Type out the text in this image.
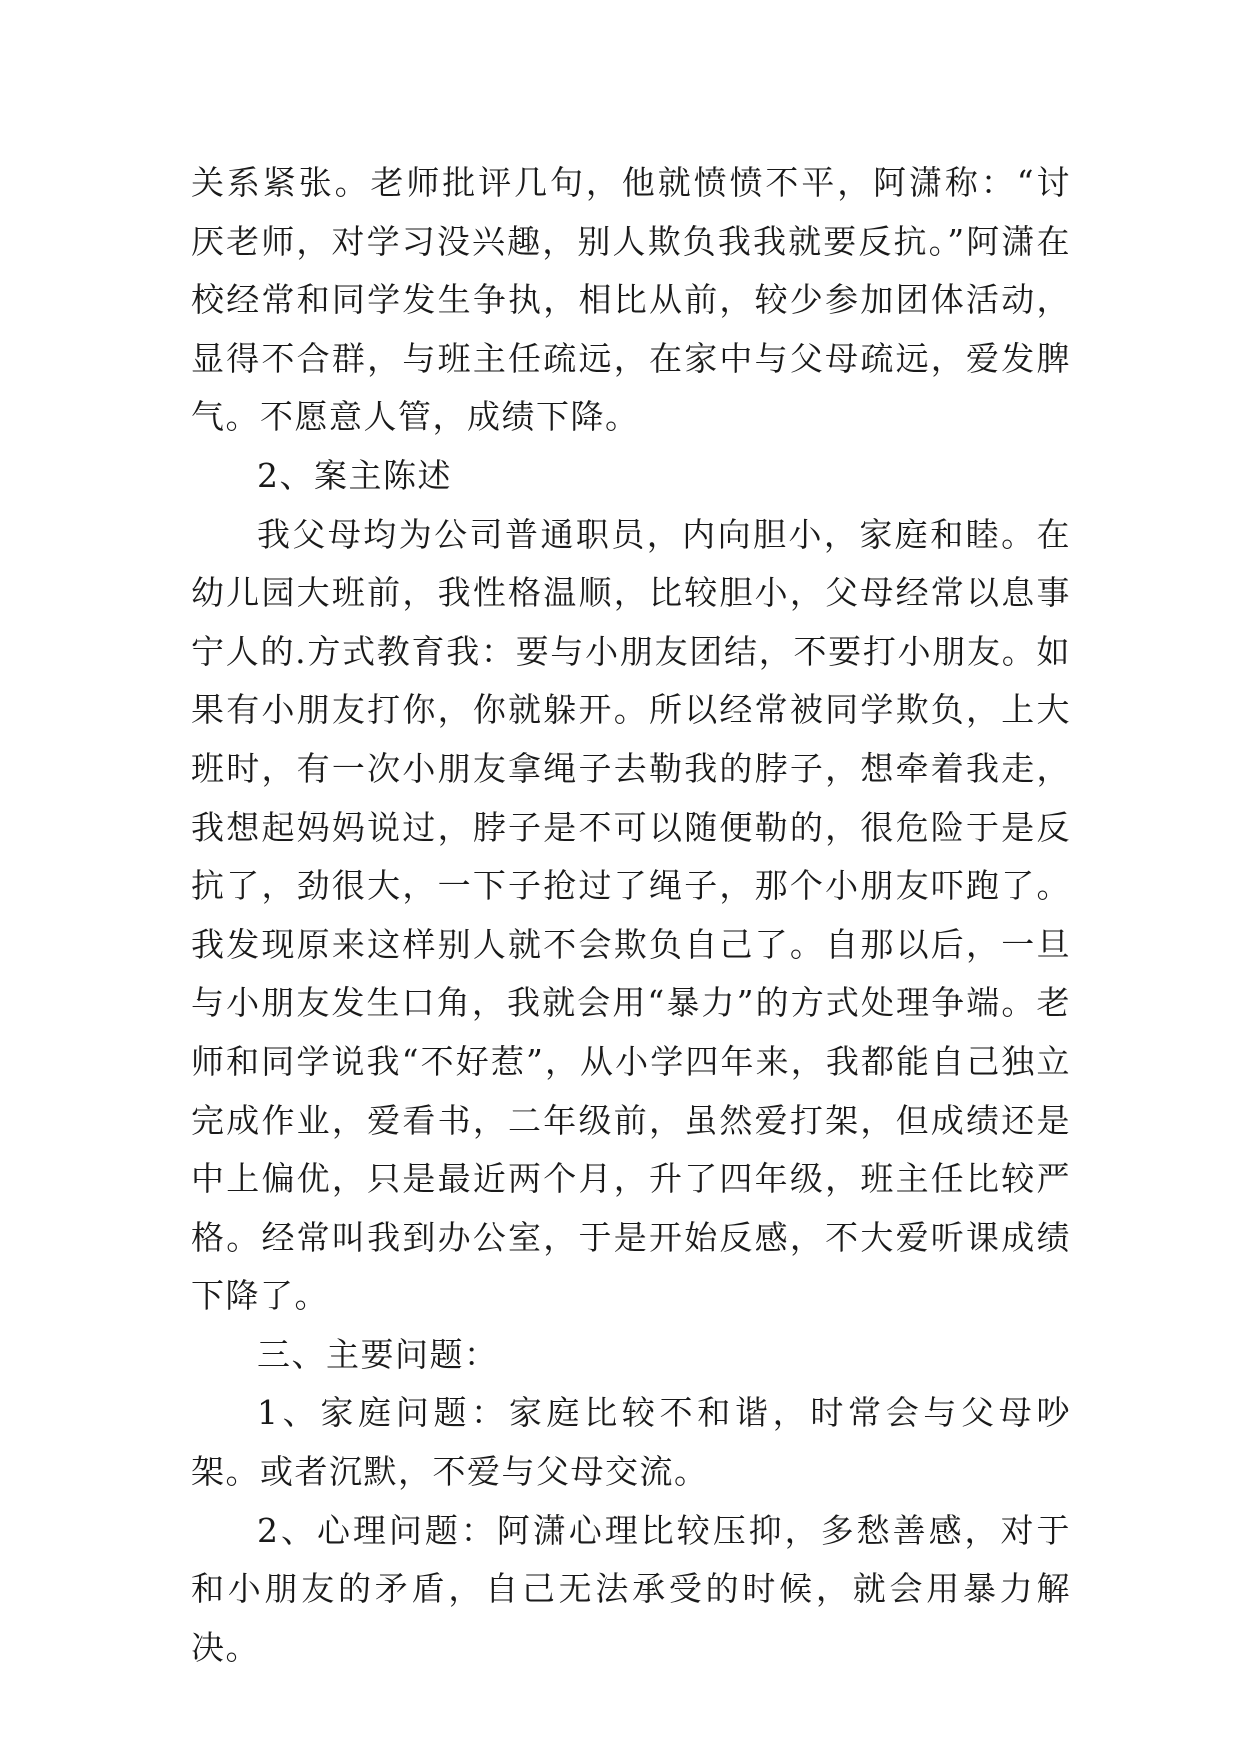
关系紧张。老师批评几句，他就愤愤不平，阿潇称：“讨厌老师，对学习没兴趣，别人欺负我我就要反抗。”阿潇在校经常和同学发生争执，相比从前，较少参加团体活动，显得不合群，与班主任疏远，在家中与父母疏远，爱发脾气。不愿意人管，成绩下降。

2、案主陈述

我父母均为公司普通职员，内向胆小，家庭和睦。在幼儿园大班前，我性格温顺，比较胆小，父母经常以息事宁人的.方式教育我：要与小朋友团结，不要打小朋友。如果有小朋友打你，你就躲开。所以经常被同学欺负，上大班时，有一次小朋友拿绳子去勒我的脖子，想牵着我走，我想起妈妈说过，脖子是不可以随便勒的，很危险于是反抗了，劲很大，一下子抢过了绳子，那个小朋友吓跑了。我发现原来这样别人就不会欺负自己了。自那以后，一旦与小朋友发生口角，我就会用“暴力”的方式处理争端。老师和同学说我“不好惹”，从小学四年来，我都能自己独立完成作业，爱看书，二年级前，虽然爱打架，但成绩还是中上偏优，只是最近两个月，升了四年级，班主任比较严格。经常叫我到办公室，于是开始反感，不大爱听课成绩下降了。

三、主要问题：

1、家庭问题：家庭比较不和谐，时常会与父母吵架。或者沉默，不爱与父母交流。

2、心理问题：阿潇心理比较压抑，多愁善感，对于和小朋友的矛盾，自己无法承受的时候，就会用暴力解决。
